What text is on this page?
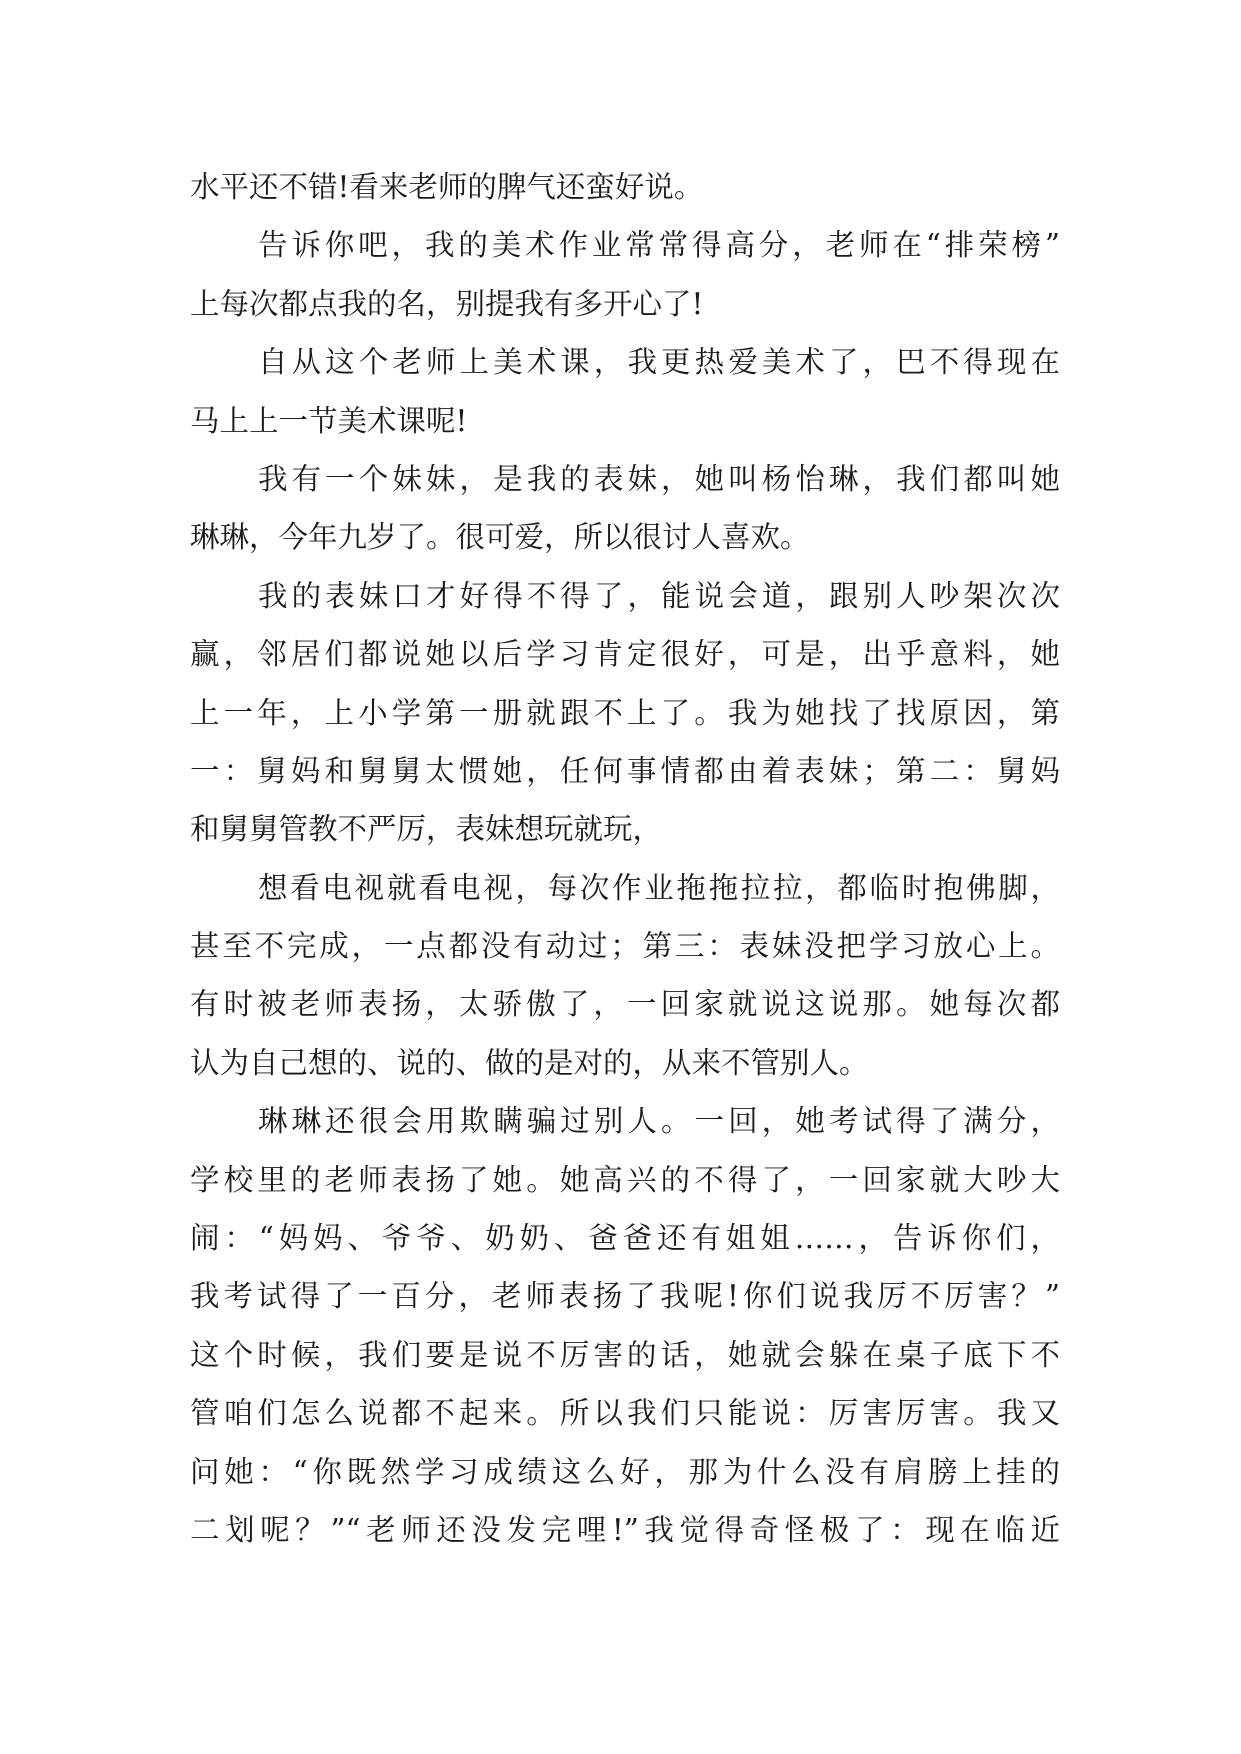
水平还不错!看来老师的脾气还蛮好说。
告诉你吧，我的美术作业常常得高分，老师在“排荣榜”
上每次都点我的名，别提我有多开心了!
自从这个老师上美术课，我更热爱美术了，巴不得现在
马上上一节美术课呢!
我有一个妹妹，是我的表妹，她叫杨怡琳，我们都叫她
琳琳，今年九岁了。很可爱，所以很讨人喜欢。
我的表妹口才好得不得了，能说会道，跟别人吵架次次
赢，邻居们都说她以后学习肯定很好，可是，出乎意料，她
上一年，上小学第一册就跟不上了。我为她找了找原因，第
一：舅妈和舅舅太惯她，任何事情都由着表妹；第二：舅妈
和舅舅管教不严厉，表妹想玩就玩，
想看电视就看电视，每次作业拖拖拉拉，都临时抱佛脚，
甚至不完成，一点都没有动过；第三：表妹没把学习放心上。
有时被老师表扬，太骄傲了，一回家就说这说那。她每次都
认为自己想的、说的、做的是对的，从来不管别人。
琳琳还很会用欺瞒骗过别人。一回，她考试得了满分，
学校里的老师表扬了她。她高兴的不得了，一回家就大吵大
闹：“妈妈、爷爷、奶奶、爸爸还有姐姐……，告诉你们，
我考试得了一百分，老师表扬了我呢!你们说我厉不厉害？”
这个时候，我们要是说不厉害的话，她就会躲在桌子底下不
管咱们怎么说都不起来。所以我们只能说：厉害厉害。我又
问她：“你既然学习成绩这么好，那为什么没有肩膀上挂的
二划呢？”“老师还没发完哩!”我觉得奇怪极了：现在临近
